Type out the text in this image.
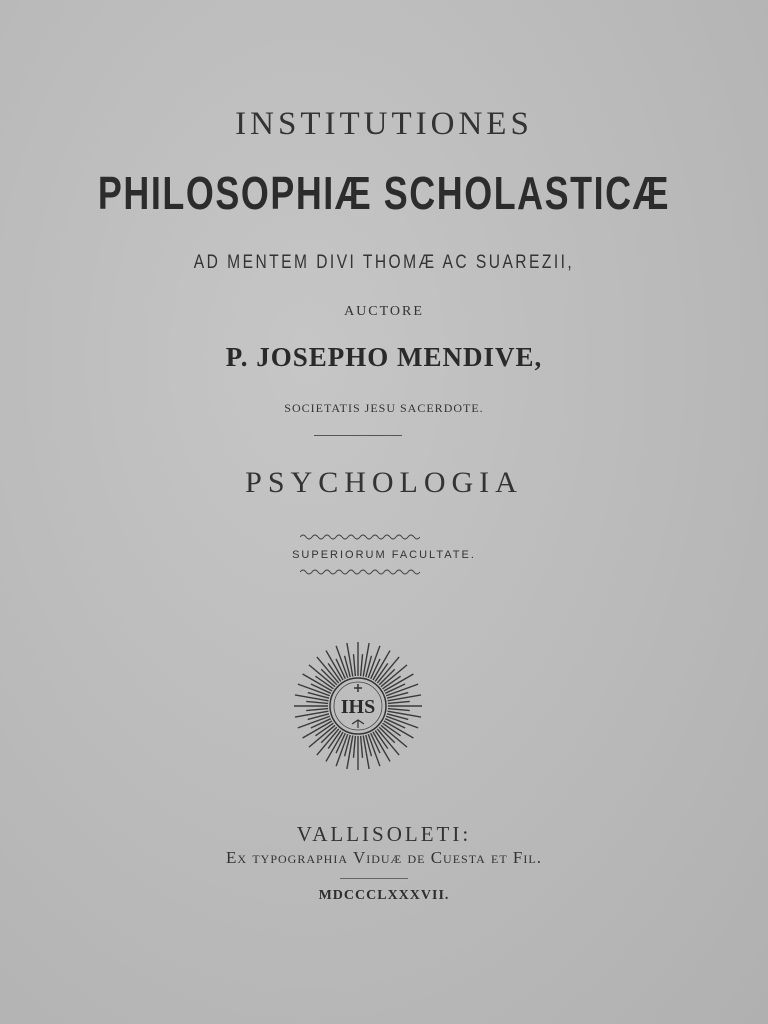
INSTITUTIONES
PHILOSOPHIÆ SCHOLASTICÆ
AD MENTEM DIVI THOMÆ AC SUAREZII,
AUCTORE
P. JOSEPHO MENDIVE,
SOCIETATIS JESU SACERDOTE.
PSYCHOLOGIA
SUPERIORUM FACULTATE.
IHS
VALLISOLETI:
Ex typographia Viduæ de Cuesta et Fil.
MDCCCLXXXVII.
